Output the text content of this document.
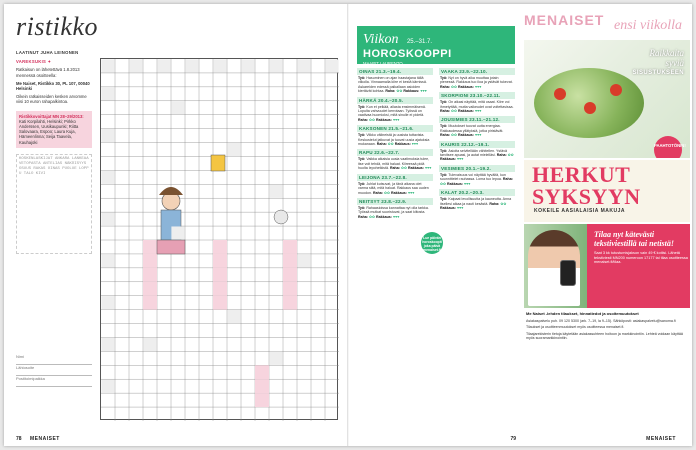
ristikko
LAATINUT JUHA LEINONEN
VAREKSUKIS ✦

Ratkaisun on lähetettävä 1.8.2013 mennessä osoitteella:

Me Naiset, Ristikko 30, PL 107, 00040 Helsinki

Oikein ratkaisseiden kesken arvomme viisi 10 euron rahapalkintoa.

Ristikkovoittajat MN 28–29/2013:
Kati Korpilahti, Helsinki; Pirkko Anderssen, Uusikaupunki; Riitta Salovaara, Espoo; Laura Kuja, Hämeenlinna; Seija Taavela, Kauhajoki
KOSKENLASKIJAT ANKARA LANKEAA VETOPASTA ANTELIAS NÄKÖISYYS OSUUS RAKAS OINAS PUOLUE LOPPU TALO KIVI
Nimi
Lähiosoite
Postitoimipaikka
78 MENAISET
Viikon 25.–31.7.
HOROSKOOPPI
MAARIT LAURENTO
OINAS 21.3.–19.4.
Työ: Hasuminen on ajan haastajana tällä viikolla. Vinnaamalla kiire ei kestä kärnissä. Askareiden edessä paikallaan asioiden kiertävät kohtaa. Raha: ✿✿ Rakkaus: ♥♥♥
HÄRKÄ 20.4.–20.5.
Työ: Kun et pelkää, allasta ensimmäisenä. Lopulta vahvuudet kerrotaan. Työssä on vaativaa huomioksi, mitä sinulle ei pidetä. Raha: ✿✿ Rakkaus: ♥♥♥
KAKSONEN 21.5.–21.6.
Työ: Viikko välineistä ja uusista tuttavista. Keskustelut jatkuvat ja tuovat uusia ajatuksia mukanaan. Raha: ✿✿ Rakkaus: ♥♥♥
RAPU 22.6.–22.7.
Työ: Vaikka aikaisia uusia vaatimuksia tulee, itse voit tehdä, mitä haluat. Kiireessä pidä huolta lepohetkistä. Raha: ✿✿ Rakkaus: ♥♥♥
LEIJONA 23.7.–22.8.
Työ: Juhlat kutsuvat, ja tänä aikana olet varma siitä, mitä haluat. Rakkaus saa uuden muodon. Raha: ✿✿ Rakkaus: ♥♥♥
NEITSYT 23.8.–22.9.
Työ: Rahaasioissa kannattaa nyt olla tarkka. Työssä mutkat suoristuvat, ja saat kiitosta. Raha: ✿✿ Rakkaus: ♥♥♥
VAAKA 23.9.–22.10.
Työ: Nyt on hyvä aika muuttaa jotain pienessä. Rakkaus tuo iloa ja ystävät tukevat. Raha: ✿✿ Rakkaus: ♥♥♥
SKORPIONI 23.10.–22.11.
Työ: On aikasi näyttää, mitä osaat. Kiire voi ihmetyttää, mutta vaikeudet ovat voitettavissa. Raha: ✿✿ Rakkaus: ♥♥♥
JOUSIMIES 23.11.–21.12.
Työ: Muutokset tuovat uutta energiaa. Rakkaudessa yllätyksiä, jotka piristävät. Raha: ✿✿ Rakkaus: ♥♥♥
KAURIS 22.12.–19.1.
Työ: Asioita selvitellään vähitellen. Ystävä tarvitsee apuasi, ja autat mielelläsi. Raha: ✿✿ Rakkaus: ♥♥♥
VESIMIES 20.1.–19.2.
Työ: Tulevaisuus voi näyttää hyvältä, kun suunnittelet rauhassa. Loma tuo lepoa. Raha: ✿✿ Rakkaus: ♥♥♥
KALAT 20.2.–20.3.
Työ: Kaipaat levollisuutta ja kauneutta. Anna itsellesi aikaa ja nauti kesästä. Raha: ✿✿ Rakkaus: ♥♥♥
Lue päivän horoskoopit joka päivä menaiset.fi
79
MENAISET ensi viikolla
Raikkaita
syviä
SISUSTUKSEEN
PAAHTOTÖNIN!
HERKUT SYKSYYN
KOKEILE AASIALAISIA MAKUJA
Tilaa nyt kätevästi tekstiviestillä tai netistä!
Saat 3 kk tutustumisjakson vain 49 € kotiisi. Lähetä tekstiviesti MN200 numeroon 17177 tai tilaa osoitteessa menaiset.fi/tilaa.
Me Naiset -lehden tilaukset, hinnatiedot ja osoitemuutokset

Asiakaspalvelu puh. 09 120 5300 (ark. 7–19, la 9–15). Sähköposti: asiakaspalvelu@sanoma.fi

Tilaukset ja osoitteenmuutokset myös osoitteessa menaiset.fi.

Tilaajarekisterin tietoja käytetään asiakassuhteen hoitoon ja markkinointiin. Lehteä voidaan käyttää myös suoramarkkinointiin.

MENAISET
